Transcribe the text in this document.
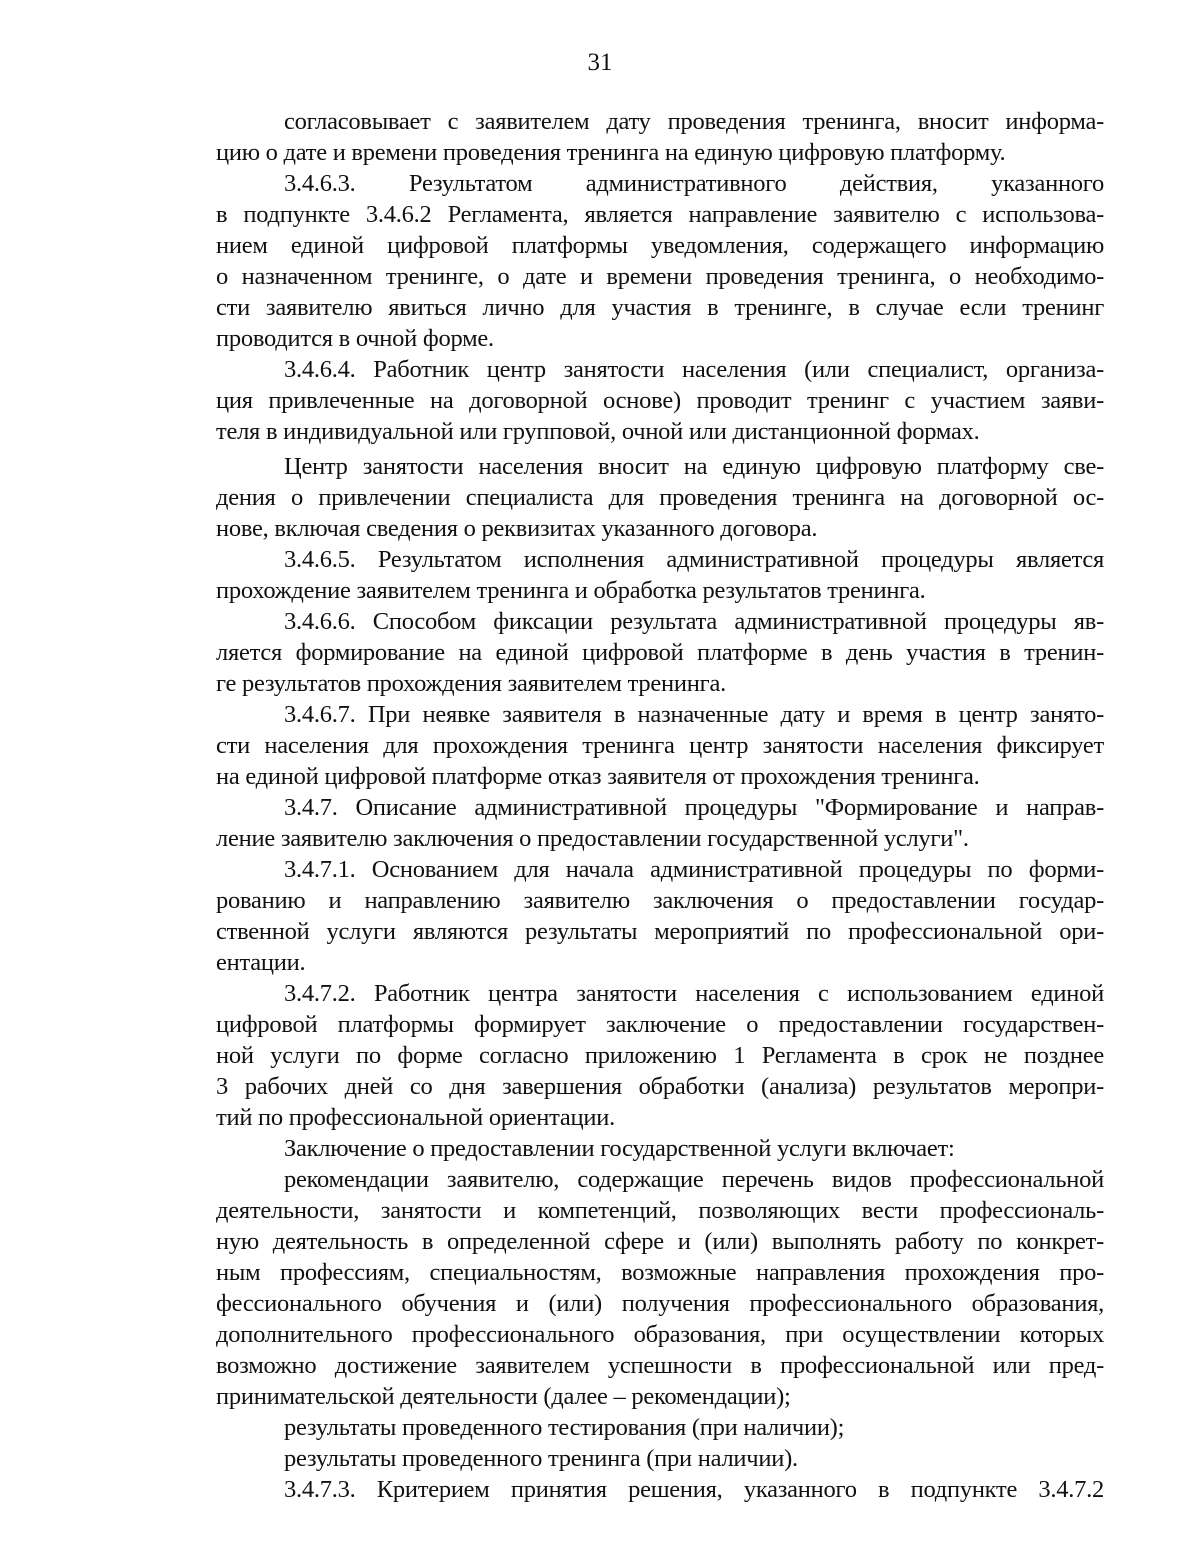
31
согласовывает с заявителем дату проведения тренинга, вносит информа-
цию о дате и времени проведения тренинга на единую цифровую платформу.
3.4.6.3. Результатом административного действия, указанного
в подпункте 3.4.6.2 Регламента, является направление заявителю с использова-
нием единой цифровой платформы уведомления, содержащего информацию
о назначенном тренинге, о дате и времени проведения тренинга, о необходимо-
сти заявителю явиться лично для участия в тренинге, в случае если тренинг
проводится в очной форме.
3.4.6.4. Работник центр занятости населения (или специалист, организа-
ция привлеченные на договорной основе) проводит тренинг с участием заяви-
теля в индивидуальной или групповой, очной или дистанционной формах.
Центр занятости населения вносит на единую цифровую платформу све-
дения о привлечении специалиста для проведения тренинга на договорной ос-
нове, включая сведения о реквизитах указанного договора.
3.4.6.5. Результатом исполнения административной процедуры является
прохождение заявителем тренинга и обработка результатов тренинга.
3.4.6.6. Способом фиксации результата административной процедуры яв-
ляется формирование на единой цифровой платформе в день участия в тренин-
ге результатов прохождения заявителем тренинга.
3.4.6.7. При неявке заявителя в назначенные дату и время в центр занято-
сти населения для прохождения тренинга центр занятости населения фиксирует
на единой цифровой платформе отказ заявителя от прохождения тренинга.
3.4.7. Описание административной процедуры "Формирование и направ-
ление заявителю заключения о предоставлении государственной услуги".
3.4.7.1. Основанием для начала административной процедуры по форми-
рованию и направлению заявителю заключения о предоставлении государ-
ственной услуги являются результаты мероприятий по профессиональной ори-
ентации.
3.4.7.2. Работник центра занятости населения с использованием единой
цифровой платформы формирует заключение о предоставлении государствен-
ной услуги по форме согласно приложению 1 Регламента в срок не позднее
3 рабочих дней со дня завершения обработки (анализа) результатов меропри-
тий по профессиональной ориентации.
Заключение о предоставлении государственной услуги включает:
рекомендации заявителю, содержащие перечень видов профессиональной
деятельности, занятости и компетенций, позволяющих вести профессиональ-
ную деятельность в определенной сфере и (или) выполнять работу по конкрет-
ным профессиям, специальностям, возможные направления прохождения про-
фессионального обучения и (или) получения профессионального образования,
дополнительного профессионального образования, при осуществлении которых
возможно достижение заявителем успешности в профессиональной или пред-
принимательской деятельности (далее – рекомендации);
результаты проведенного тестирования (при наличии);
результаты проведенного тренинга (при наличии).
3.4.7.3. Критерием принятия решения, указанного в подпункте 3.4.7.2
